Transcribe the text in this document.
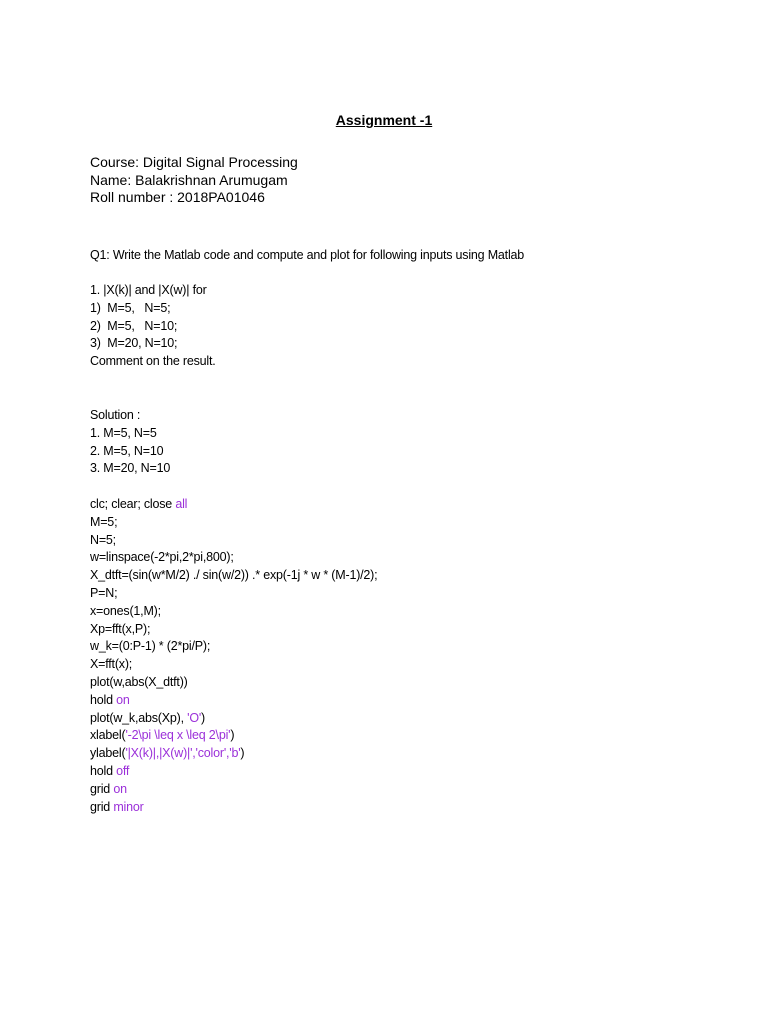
Assignment -1
Course: Digital Signal Processing
Name: Balakrishnan Arumugam
Roll number : 2018PA01046
Q1: Write the Matlab code and compute and plot for following inputs using Matlab
1. |X(k)| and |X(w)| for
1)  M=5,   N=5;
2)  M=5,   N=10;
3)  M=20, N=10;
Comment on the result.
Solution :
1. M=5, N=5
2. M=5, N=10
3. M=20, N=10
clc; clear; close all
M=5;
N=5;
w=linspace(-2*pi,2*pi,800);
X_dtft=(sin(w*M/2) ./ sin(w/2)) .* exp(-1j * w * (M-1)/2);
P=N;
x=ones(1,M);
Xp=fft(x,P);
w_k=(0:P-1) * (2*pi/P);
X=fft(x);
plot(w,abs(X_dtft))
hold on
plot(w_k,abs(Xp), 'O')
xlabel('-2\pi \leq x \leq 2\pi')
ylabel('|X(k)|,|X(w)|','color','b')
hold off
grid on
grid minor
